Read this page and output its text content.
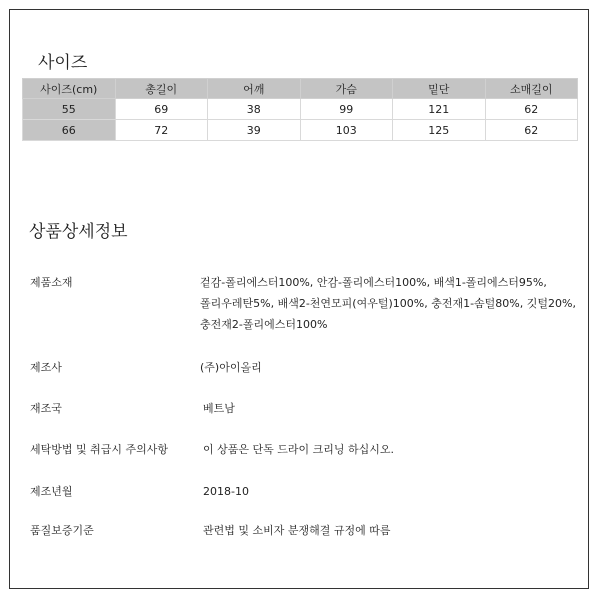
사이즈
사이즈(cm)	총길이	어깨	가슴	밑단	소매길이
55	69	38	99	121	62
66	72	39	103	125	62
상품상세정보
제품소재	겉감-폴리에스터100%, 안감-폴리에스터100%, 배색1-폴리에스터95%,
폴리우레탄5%, 배색2-천연모피(여우털)100%, 충전재1-솜털80%, 깃털20%,
충전재2-폴리에스터100%
제조사	(주)아이올리
재조국	베트남
세탁방법 및 취급시 주의사항	이 상품은 단독 드라이 크리닝 하십시오.
제조년월	2018-10
품질보증기준	관련법 및 소비자 분쟁해결 규정에 따름
